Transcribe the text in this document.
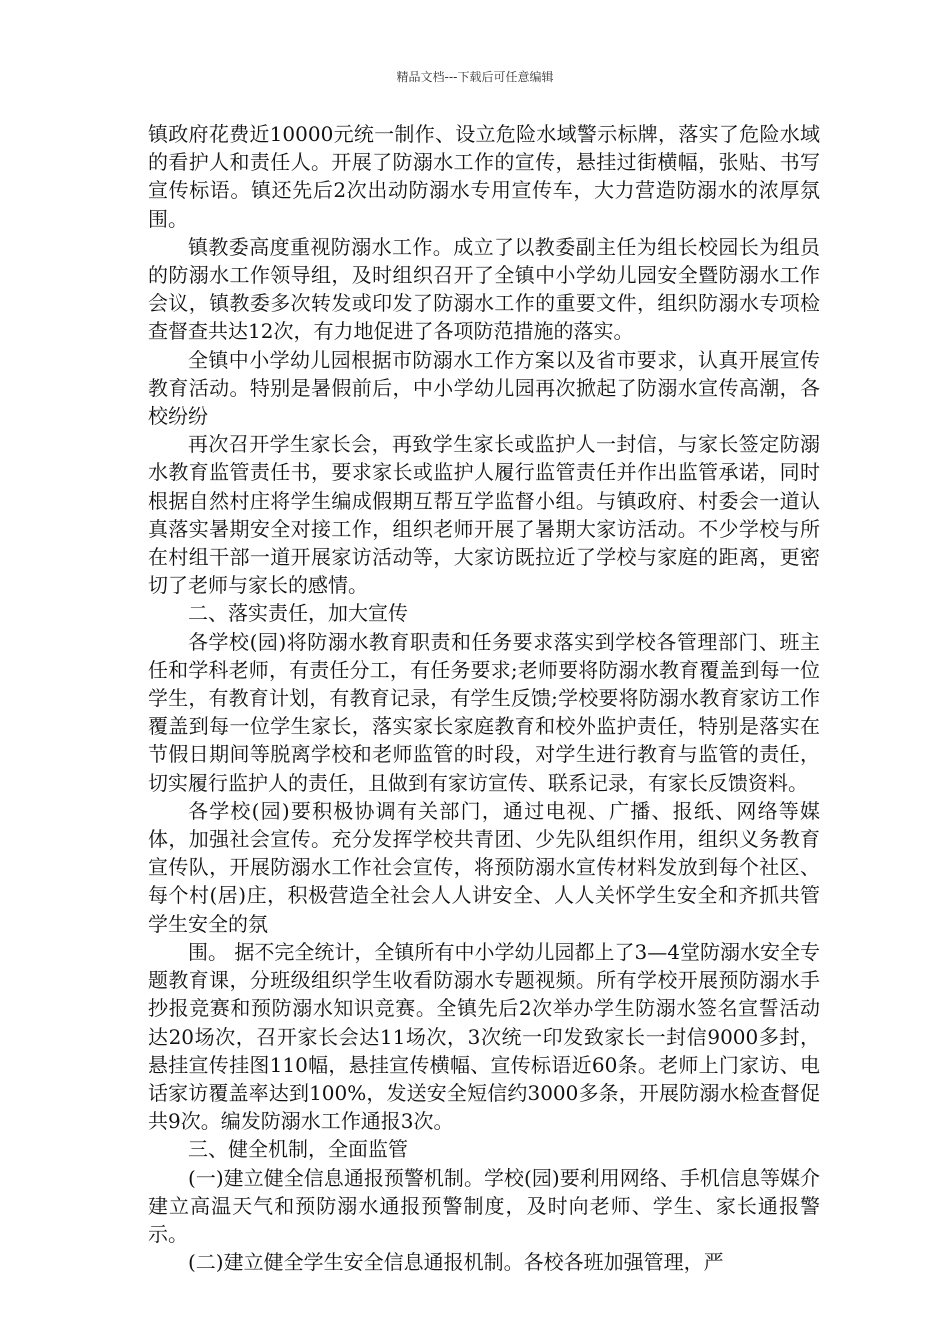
精品文档---下载后可任意编辑

镇政府花费近10000元统一制作、设立危险水域警示标牌，落实了危险水域的看护人和责任人。开展了防溺水工作的宣传，悬挂过街横幅，张贴、书写宣传标语。镇还先后2次出动防溺水专用宣传车，大力营造防溺水的浓厚氛围。

镇教委高度重视防溺水工作。成立了以教委副主任为组长校园长为组员的防溺水工作领导组，及时组织召开了全镇中小学幼儿园安全暨防溺水工作会议，镇教委多次转发或印发了防溺水工作的重要文件，组织防溺水专项检查督查共达12次，有力地促进了各项防范措施的落实。

全镇中小学幼儿园根据市防溺水工作方案以及省市要求，认真开展宣传教育活动。特别是暑假前后，中小学幼儿园再次掀起了防溺水宣传高潮，各校纷纷

再次召开学生家长会，再致学生家长或监护人一封信，与家长签定防溺水教育监管责任书，要求家长或监护人履行监管责任并作出监管承诺，同时根据自然村庄将学生编成假期互帮互学监督小组。与镇政府、村委会一道认真落实暑期安全对接工作，组织老师开展了暑期大家访活动。不少学校与所在村组干部一道开展家访活动等，大家访既拉近了学校与家庭的距离，更密切了老师与家长的感情。

二、落实责任，加大宣传

各学校(园)将防溺水教育职责和任务要求落实到学校各管理部门、班主任和学科老师，有责任分工，有任务要求;老师要将防溺水教育覆盖到每一位学生，有教育计划，有教育记录，有学生反馈;学校要将防溺水教育家访工作覆盖到每一位学生家长，落实家长家庭教育和校外监护责任，特别是落实在节假日期间等脱离学校和老师监管的时段，对学生进行教育与监管的责任，切实履行监护人的责任，且做到有家访宣传、联系记录，有家长反馈资料。

各学校(园)要积极协调有关部门，通过电视、广播、报纸、网络等媒体，加强社会宣传。充分发挥学校共青团、少先队组织作用，组织义务教育宣传队，开展防溺水工作社会宣传，将预防溺水宣传材料发放到每个社区、每个村(居)庄，积极营造全社会人人讲安全、人人关怀学生安全和齐抓共管学生安全的氛

围。 据不完全统计，全镇所有中小学幼儿园都上了3—4堂防溺水安全专题教育课，分班级组织学生收看防溺水专题视频。所有学校开展预防溺水手抄报竞赛和预防溺水知识竞赛。全镇先后2次举办学生防溺水签名宣誓活动达20场次，召开家长会达11场次，3次统一印发致家长一封信9000多封，悬挂宣传挂图110幅，悬挂宣传横幅、宣传标语近60条。老师上门家访、电话家访覆盖率达到100%，发送安全短信约3000多条，开展防溺水检查督促共9次。编发防溺水工作通报3次。

三、健全机制，全面监管

(一)建立健全信息通报预警机制。学校(园)要利用网络、手机信息等媒介建立高温天气和预防溺水通报预警制度，及时向老师、学生、家长通报警示。

(二)建立健全学生安全信息通报机制。各校各班加强管理，严
